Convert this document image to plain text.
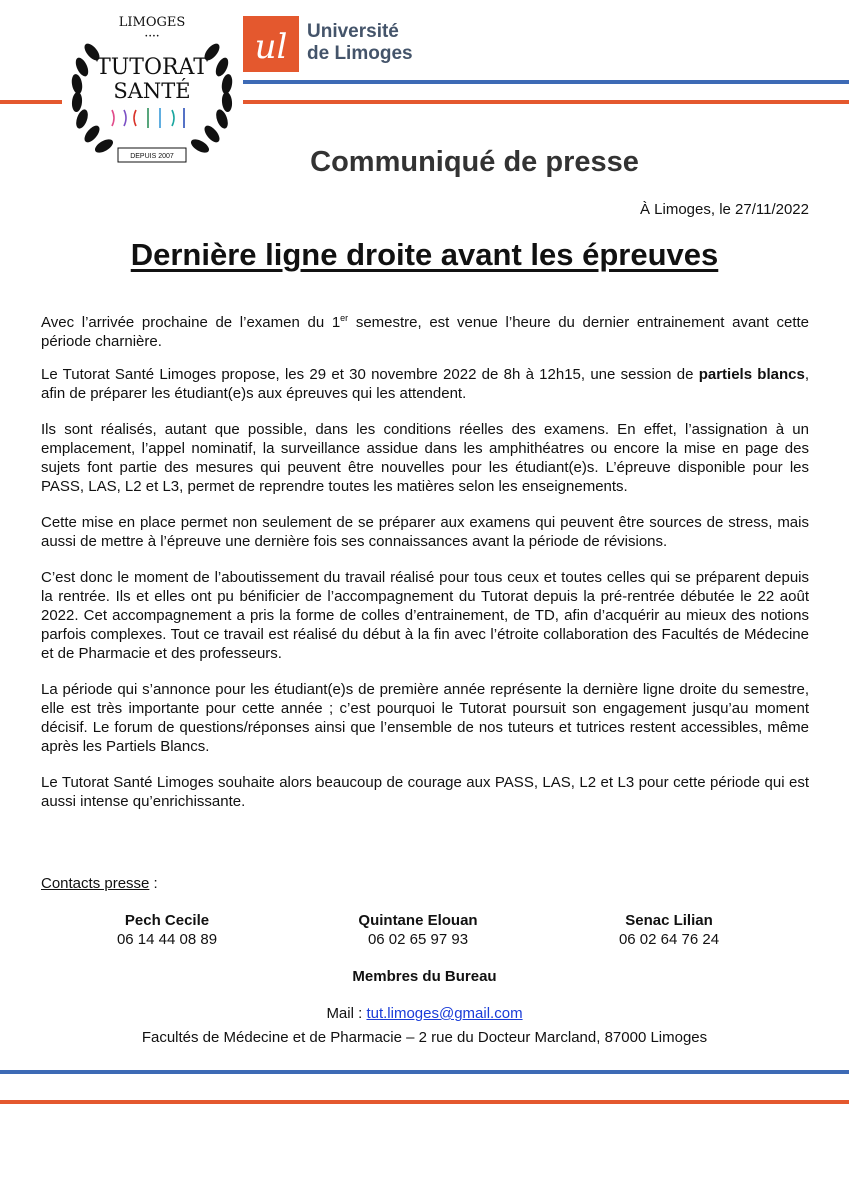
LIMOGES
• • • •
TUTORAT
SANTÉ
DEPUIS 2007
ul Université
de Limoges
Communiqué de presse
À Limoges, le 27/11/2022
Dernière ligne droite avant les épreuves

Avec l’arrivée prochaine de l’examen du 1er semestre, est venue l’heure du dernier entrainement avant cette période charnière.

Le Tutorat Santé Limoges propose, les 29 et 30 novembre 2022 de 8h à 12h15, une session de partiels blancs, afin de préparer les étudiant(e)s aux épreuves qui les attendent.

Ils sont réalisés, autant que possible, dans les conditions réelles des examens. En effet, l’assignation à un emplacement, l’appel nominatif, la surveillance assidue dans les amphithéatres ou encore la mise en page des sujets font partie des mesures qui peuvent être nouvelles pour les étudiant(e)s. L’épreuve disponible pour les PASS, LAS, L2 et L3, permet de reprendre toutes les matières selon les enseignements.

Cette mise en place permet non seulement de se préparer aux examens qui peuvent être sources de stress, mais aussi de mettre à l’épreuve une dernière fois ses connaissances avant la période de révisions.

C’est donc le moment de l’aboutissement du travail réalisé pour tous ceux et toutes celles qui se préparent depuis la rentrée. Ils et elles ont pu bénificier de l’accompagnement du Tutorat depuis la pré-rentrée débutée le 22 août 2022. Cet accompagnement a pris la forme de colles d’entrainement, de TD, afin d’acquérir au mieux des notions parfois complexes. Tout ce travail est réalisé du début à la fin avec l’étroite collaboration des Facultés de Médecine et de Pharmacie et des professeurs.

La période qui s’annonce pour les étudiant(e)s de première année représente la dernière ligne droite du semestre, elle est très importante pour cette année ; c’est pourquoi le Tutorat poursuit son engagement jusqu’au moment décisif. Le forum de questions/réponses ainsi que l’ensemble de nos tuteurs et tutrices restent accessibles, même après les Partiels Blancs.

Le Tutorat Santé Limoges souhaite alors beaucoup de courage aux PASS, LAS, L2 et L3 pour cette période qui est aussi intense qu’enrichissante.

Contacts presse :
Pech Cecile
06 14 44 08 89
Quintane Elouan
06 02 65 97 93
Senac Lilian
06 02 64 76 24
Membres du Bureau
Mail : tut.limoges@gmail.com
Facultés de Médecine et de Pharmacie – 2 rue du Docteur Marcland, 87000 Limoges
